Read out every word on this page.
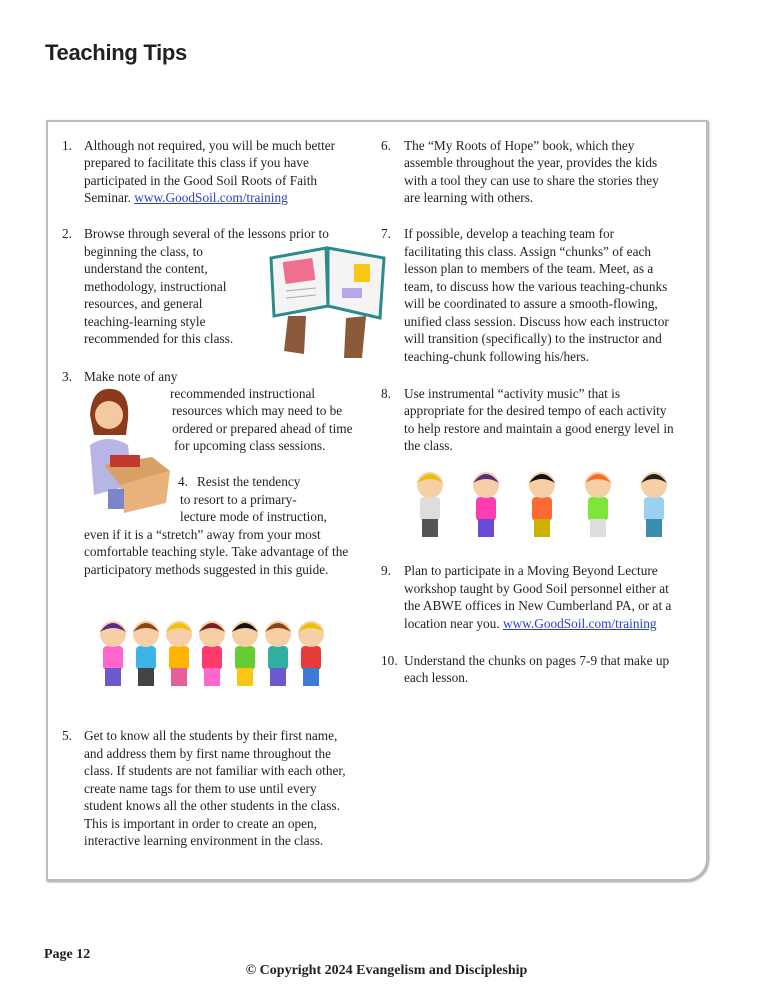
Teaching Tips
1. Although not required, you will be much better
prepared to facilitate this class if you have
participated in the Good Soil Roots of Faith
Seminar. www.GoodSoil.com/training
2. Browse through several of the lessons prior to
beginning the class, to
understand the content,
methodology, instructional
resources, and general
teaching-learning style
recommended for this class.
3. Make note of any
recommended instructional
resources which may need to be
ordered or prepared ahead of time
for upcoming class sessions.
4. Resist the tendency
to resort to a primary-
lecture mode of instruction,
even if it is a “stretch” away from your most
comfortable teaching style. Take advantage of the
participatory methods suggested in this guide.
5. Get to know all the students by their first name,
and address them by first name throughout the
class. If students are not familiar with each other,
create name tags for them to use until every
student knows all the other students in the class.
This is important in order to create an open,
interactive learning environment in the class.
6. The “My Roots of Hope” book, which they
assemble throughout the year, provides the kids
with a tool they can use to share the stories they
are learning with others.
7. If possible, develop a teaching team for
facilitating this class. Assign “chunks” of each
lesson plan to members of the team. Meet, as a
team, to discuss how the various teaching-chunks
will be coordinated to assure a smooth-flowing,
unified class session. Discuss how each instructor
will transition (specifically) to the instructor and
teaching-chunk following his/hers.
8. Use instrumental “activity music” that is
appropriate for the desired tempo of each activity
to help restore and maintain a good energy level in
the class.
9. Plan to participate in a Moving Beyond Lecture
workshop taught by Good Soil personnel either at
the ABWE offices in New Cumberland PA, or at a
location near you. www.GoodSoil.com/training
10. Understand the chunks on pages 7-9 that make up
each lesson.
Page 12
© Copyright 2024 Evangelism and Discipleship
